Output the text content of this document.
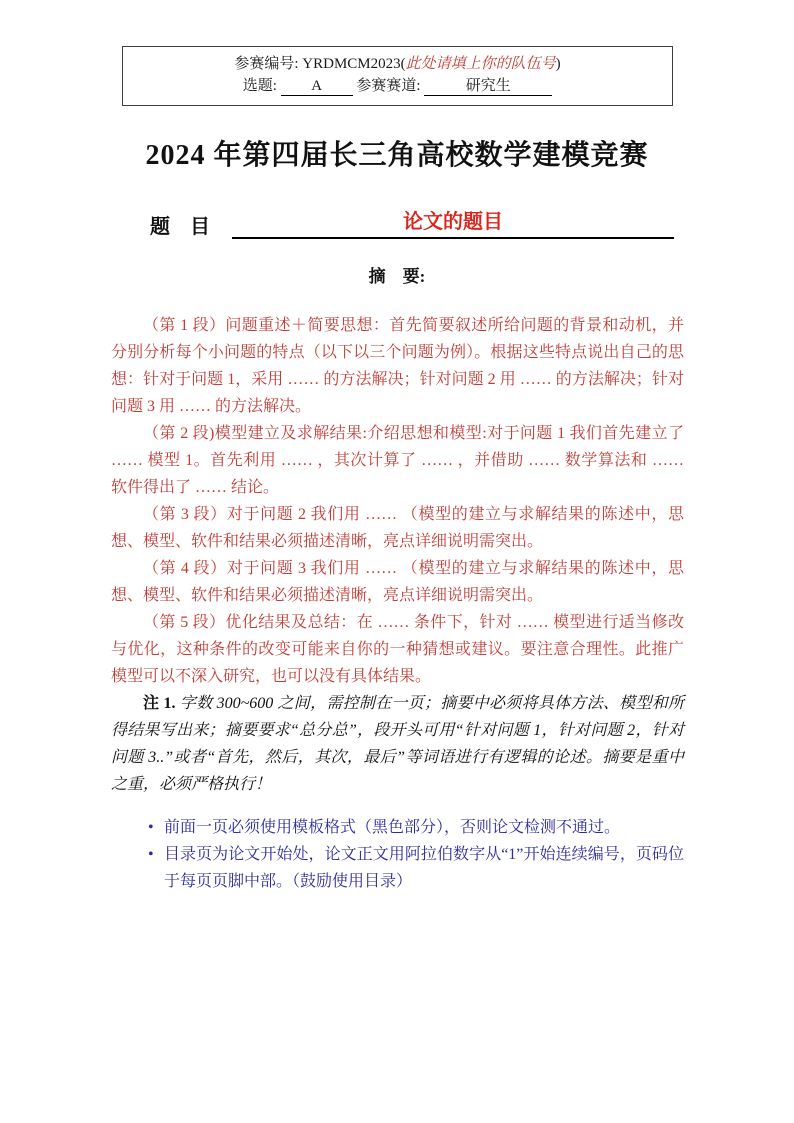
参赛编号: YRDMCM2023(此处请填上你的队伍号)
选题: A 参赛赛道:	研究生
2024 年第四届长三角高校数学建模竞赛
题　目	论文的题目
摘　要:

（第 1 段）问题重述＋简要思想：首先简要叙述所给问题的背景和动机，并分别分析每个小问题的特点（以下以三个问题为例）。根据这些特点说出自己的思想：针对于问题 1，采用 …… 的方法解决；针对问题 2 用 …… 的方法解决；针对问题 3 用 …… 的方法解决。

（第 2 段)模型建立及求解结果:介绍思想和模型:对于问题 1 我们首先建立了 …… 模型 1。首先利用 …… ，其次计算了 …… ，并借助 …… 数学算法和 …… 软件得出了 …… 结论。

（第 3 段）对于问题 2 我们用 …… （模型的建立与求解结果的陈述中，思想、模型、软件和结果必须描述清晰，亮点详细说明需突出。

（第 4 段）对于问题 3 我们用 …… （模型的建立与求解结果的陈述中，思想、模型、软件和结果必须描述清晰，亮点详细说明需突出。

（第 5 段）优化结果及总结：在 …… 条件下，针对 …… 模型进行适当修改与优化，这种条件的改变可能来自你的一种猜想或建议。要注意合理性。此推广模型可以不深入研究，也可以没有具体结果。

注 1. 字数 300~600 之间，需控制在一页；摘要中必须将具体方法、模型和所得结果写出来；摘要要求“总分总”，段开头可用“针对问题 1，针对问题 2，针对问题 3..”或者“首先，然后，其次，最后”等词语进行有逻辑的论述。摘要是重中之重，必须严格执行！

• 前面一页必须使用模板格式（黑色部分），否则论文检测不通过。
• 目录页为论文开始处，论文正文用阿拉伯数字从“1”开始连续编号，页码位于每页页脚中部。（鼓励使用目录）
